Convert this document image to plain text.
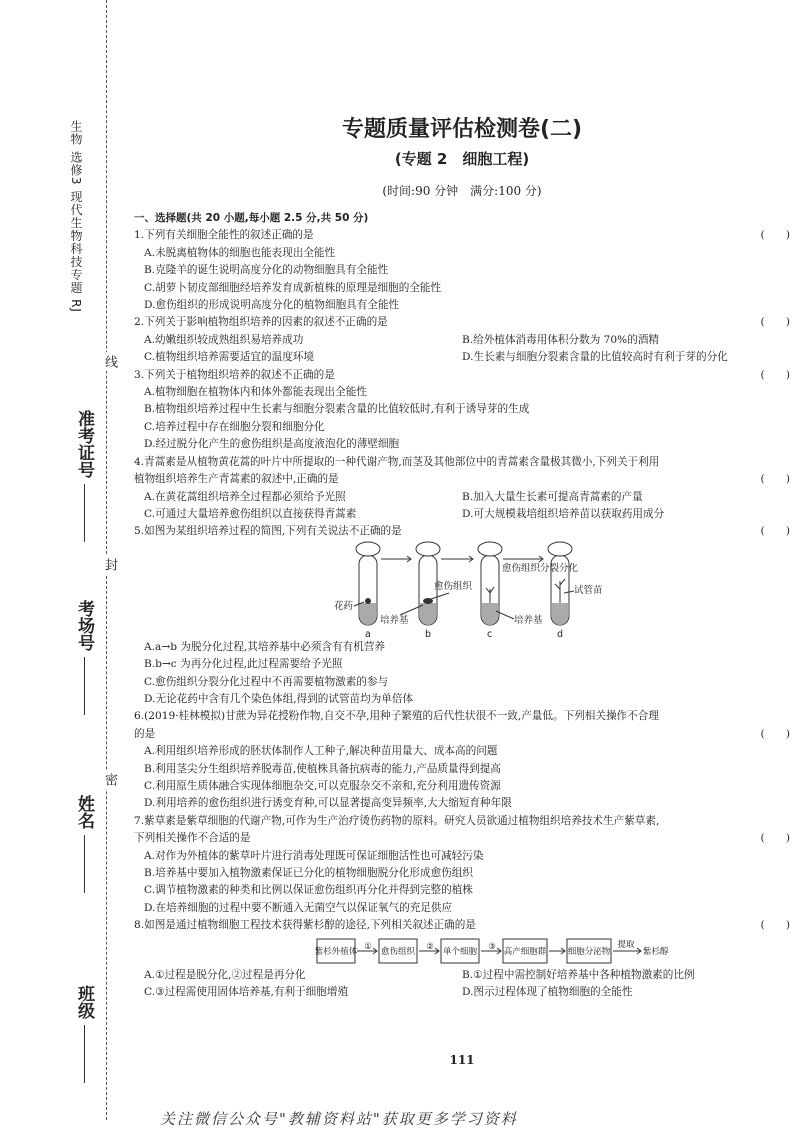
生物 选修3 现代生物科技专题 RJ
班级
姓名
考场号
准考证号
线
封
密
专题质量评估检测卷(二)
(专题 2　细胞工程)
(时间:90 分钟　满分:100 分)
一、选择题(共 20 小题,每小题 2.5 分,共 50 分)
1.下列有关细胞全能性的叙述正确的是	(　　)
A.未脱离植物体的细胞也能表现出全能性
B.克隆羊的诞生说明高度分化的动物细胞具有全能性
C.胡萝卜韧皮部细胞经培养发育成新植株的原理是细胞的全能性
D.愈伤组织的形成说明高度分化的植物细胞具有全能性
2.下列关于影响植物组织培养的因素的叙述不正确的是	(　　)
A.幼嫩组织较成熟组织易培养成功	B.给外植体消毒用体积分数为 70%的酒精
C.植物组织培养需要适宜的温度环境	D.生长素与细胞分裂素含量的比值较高时有利于芽的分化
3.下列关于植物组织培养的叙述不正确的是	(　　)
A.植物细胞在植物体内和体外都能表现出全能性
B.植物组织培养过程中生长素与细胞分裂素含量的比值较低时,有利于诱导芽的生成
C.培养过程中存在细胞分裂和细胞分化
D.经过脱分化产生的愈伤组织是高度液泡化的薄壁细胞
4.青蒿素是从植物黄花蒿的叶片中所提取的一种代谢产物,而茎及其他部位中的青蒿素含量极其微小,下列关于利用
植物组织培养生产青蒿素的叙述中,正确的是	(　　)
A.在黄花蒿组织培养全过程都必须给予光照	B.加入大量生长素可提高青蒿素的产量
C.可通过大量培养愈伤组织以直接获得青蒿素	D.可大规模栽培组织培养苗以获取药用成分
5.如图为某组织培养过程的简图,下列有关说法不正确的是	(　　)
花药
培养基
愈伤组织
愈伤组织分裂分化
培养基
试管苗
a	b	c	d
A.a→b 为脱分化过程,其培养基中必须含有有机营养
B.b→c 为再分化过程,此过程需要给予光照
C.愈伤组织分裂分化过程中不再需要植物激素的参与
D.无论花药中含有几个染色体组,得到的试管苗均为单倍体
6.(2019·桂林模拟)甘蔗为异花授粉作物,自交不孕,用种子繁殖的后代性状很不一致,产量低。下列相关操作不合理
的是	(　　)
A.利用组织培养形成的胚状体制作人工种子,解决种苗用量大、成本高的问题
B.利用茎尖分生组织培养脱毒苗,使植株具备抗病毒的能力,产品质量得到提高
C.利用原生质体融合实现体细胞杂交,可以克服杂交不亲和,充分利用遗传资源
D.利用培养的愈伤组织进行诱变育种,可以显著提高变异频率,大大缩短育种年限
7.紫草素是紫草细胞的代谢产物,可作为生产治疗烫伤药物的原料。研究人员欲通过植物组织培养技术生产紫草素,
下列相关操作不合适的是	(　　)
A.对作为外植体的紫草叶片进行消毒处理既可保证细胞活性也可减轻污染
B.培养基中要加入植物激素保证已分化的植物细胞脱分化形成愈伤组织
C.调节植物激素的种类和比例以保证愈伤组织再分化并得到完整的植株
D.在培养细胞的过程中要不断通入无菌空气以保证氧气的充足供应
8.如图是通过植物细胞工程技术获得紫杉醇的途径,下列相关叙述正确的是	(　　)
紫杉外植体 ① 愈伤组织 ② 单个细胞 ③ 高产细胞群	细胞分泌物
提取
紫杉醇
A.①过程是脱分化,②过程是再分化	B.①过程中需控制好培养基中各种植物激素的比例
C.③过程需使用固体培养基,有利于细胞增殖	D.图示过程体现了植物细胞的全能性
111
关注微信公众号"教辅资料站"获取更多学习资料
